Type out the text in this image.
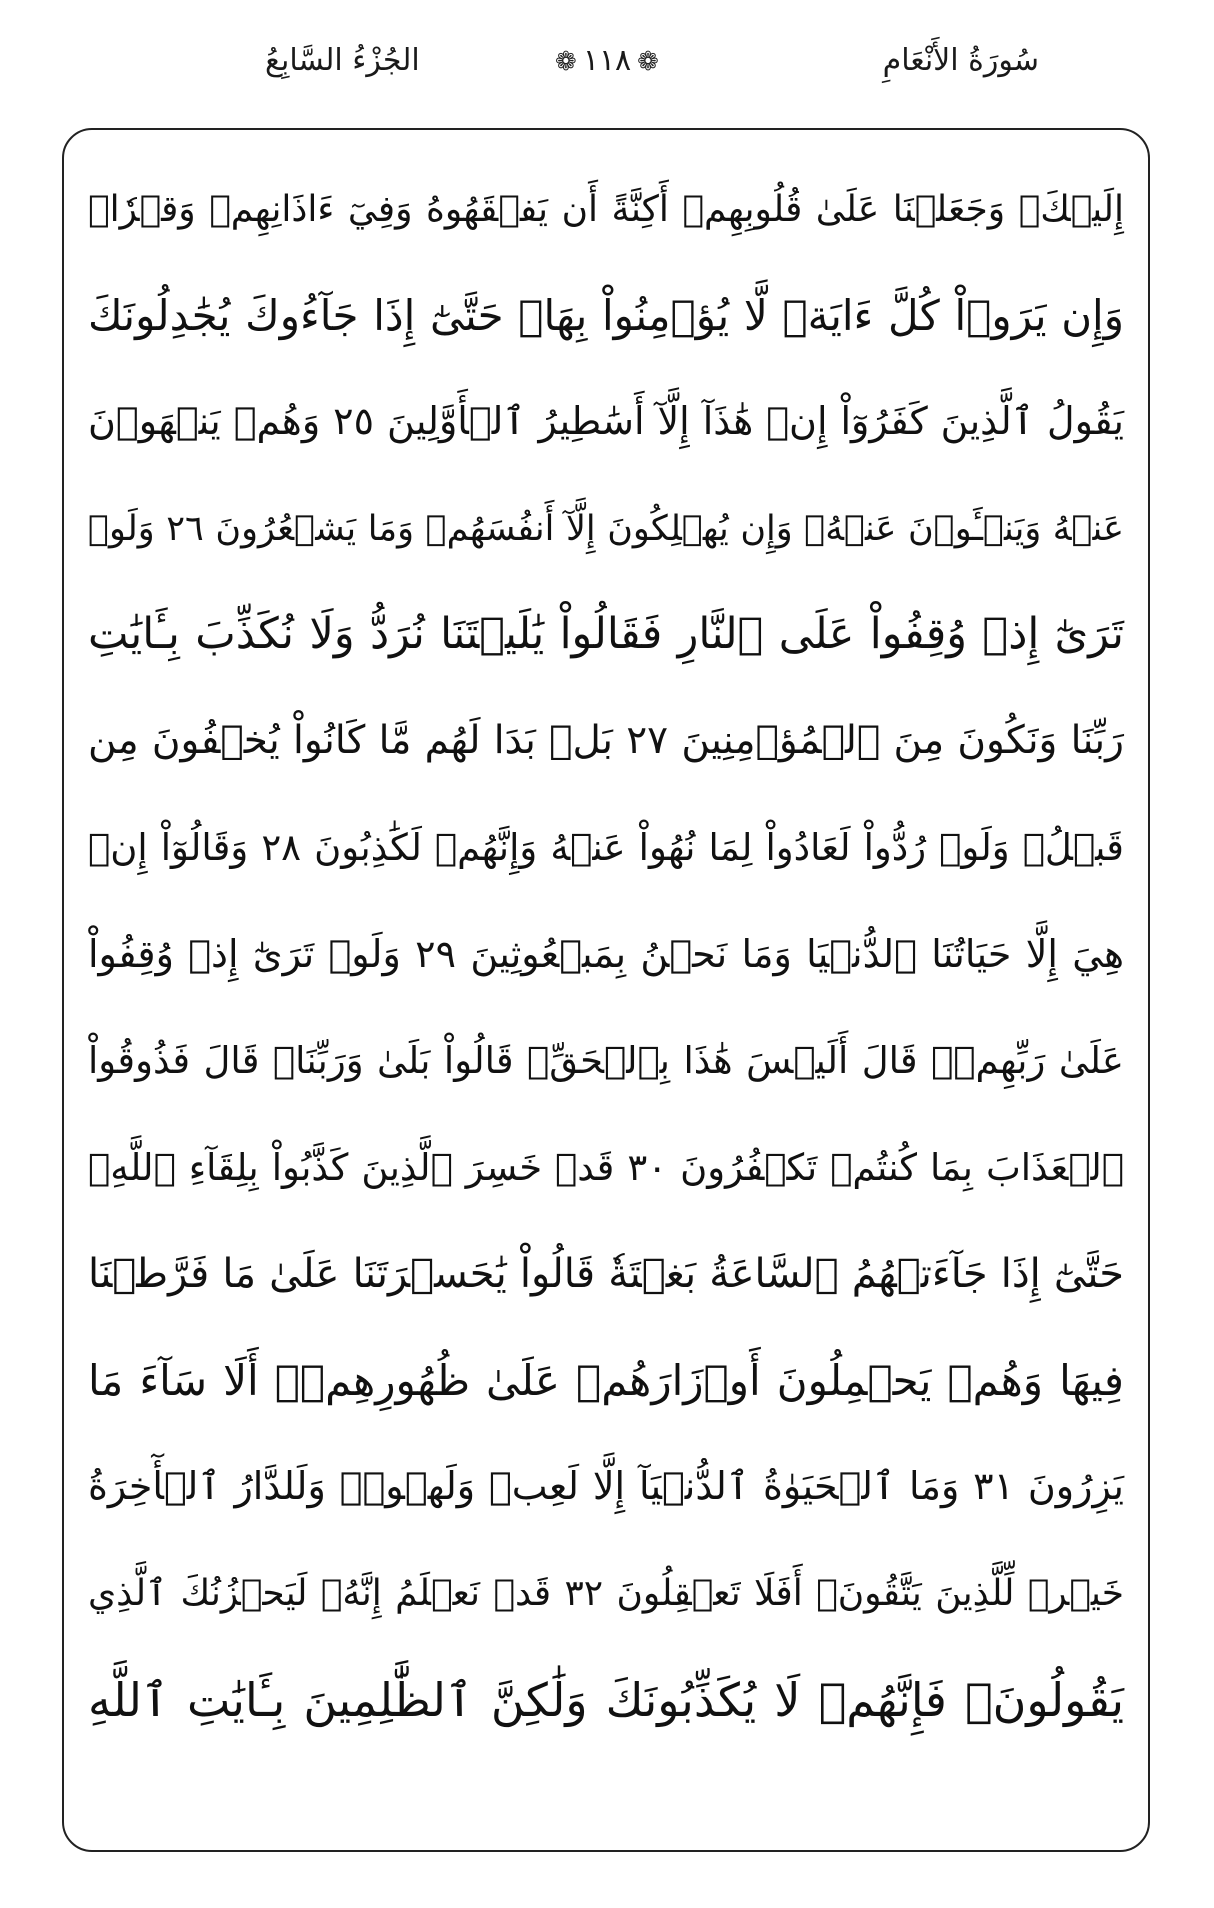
سُورَةُ الأَنْعَامِ
❁ ١١٨ ❁
الجُزْءُ السَّابِعُ
إِلَيۡكَۖ وَجَعَلۡنَا عَلَىٰ قُلُوبِهِمۡ أَكِنَّةً أَن يَفۡقَهُوهُ وَفِيٓ ءَاذَانِهِمۡ وَقۡرٗاۚ
وَإِن يَرَوۡاْ كُلَّ ءَايَةٖ لَّا يُؤۡمِنُواْ بِهَاۚ حَتَّىٰٓ إِذَا جَآءُوكَ يُجَٰدِلُونَكَ
يَقُولُ ٱلَّذِينَ كَفَرُوٓاْ إِنۡ هَٰذَآ إِلَّآ أَسَٰطِيرُ ٱلۡأَوَّلِينَ ٢٥ وَهُمۡ يَنۡهَوۡنَ
عَنۡهُ وَيَنۡـَٔوۡنَ عَنۡهُۖ وَإِن يُهۡلِكُونَ إِلَّآ أَنفُسَهُمۡ وَمَا يَشۡعُرُونَ ٢٦ وَلَوۡ
تَرَىٰٓ إِذۡ وُقِفُواْ عَلَى ٱلنَّارِ فَقَالُواْ يَٰلَيۡتَنَا نُرَدُّ وَلَا نُكَذِّبَ بِـَٔايَٰتِ
رَبِّنَا وَنَكُونَ مِنَ ٱلۡمُؤۡمِنِينَ ٢٧ بَلۡ بَدَا لَهُم مَّا كَانُواْ يُخۡفُونَ مِن
قَبۡلُۖ وَلَوۡ رُدُّواْ لَعَادُواْ لِمَا نُهُواْ عَنۡهُ وَإِنَّهُمۡ لَكَٰذِبُونَ ٢٨ وَقَالُوٓاْ إِنۡ
هِيَ إِلَّا حَيَاتُنَا ٱلدُّنۡيَا وَمَا نَحۡنُ بِمَبۡعُوثِينَ ٢٩ وَلَوۡ تَرَىٰٓ إِذۡ وُقِفُواْ
عَلَىٰ رَبِّهِمۡۚ قَالَ أَلَيۡسَ هَٰذَا بِٱلۡحَقِّۚ قَالُواْ بَلَىٰ وَرَبِّنَاۚ قَالَ فَذُوقُواْ
ٱلۡعَذَابَ بِمَا كُنتُمۡ تَكۡفُرُونَ ٣٠ قَدۡ خَسِرَ ٱلَّذِينَ كَذَّبُواْ بِلِقَآءِ ٱللَّهِۖ
حَتَّىٰٓ إِذَا جَآءَتۡهُمُ ٱلسَّاعَةُ بَغۡتَةٗ قَالُواْ يَٰحَسۡرَتَنَا عَلَىٰ مَا فَرَّطۡنَا
فِيهَا وَهُمۡ يَحۡمِلُونَ أَوۡزَارَهُمۡ عَلَىٰ ظُهُورِهِمۡۚ أَلَا سَآءَ مَا
يَزِرُونَ ٣١ وَمَا ٱلۡحَيَوٰةُ ٱلدُّنۡيَآ إِلَّا لَعِبٞ وَلَهۡوٞۖ وَلَلدَّارُ ٱلۡأٓخِرَةُ
خَيۡرٞ لِّلَّذِينَ يَتَّقُونَۚ أَفَلَا تَعۡقِلُونَ ٣٢ قَدۡ نَعۡلَمُ إِنَّهُۥ لَيَحۡزُنُكَ ٱلَّذِي
يَقُولُونَۖ فَإِنَّهُمۡ لَا يُكَذِّبُونَكَ وَلَٰكِنَّ ٱلظَّٰلِمِينَ بِـَٔايَٰتِ ٱللَّهِ
